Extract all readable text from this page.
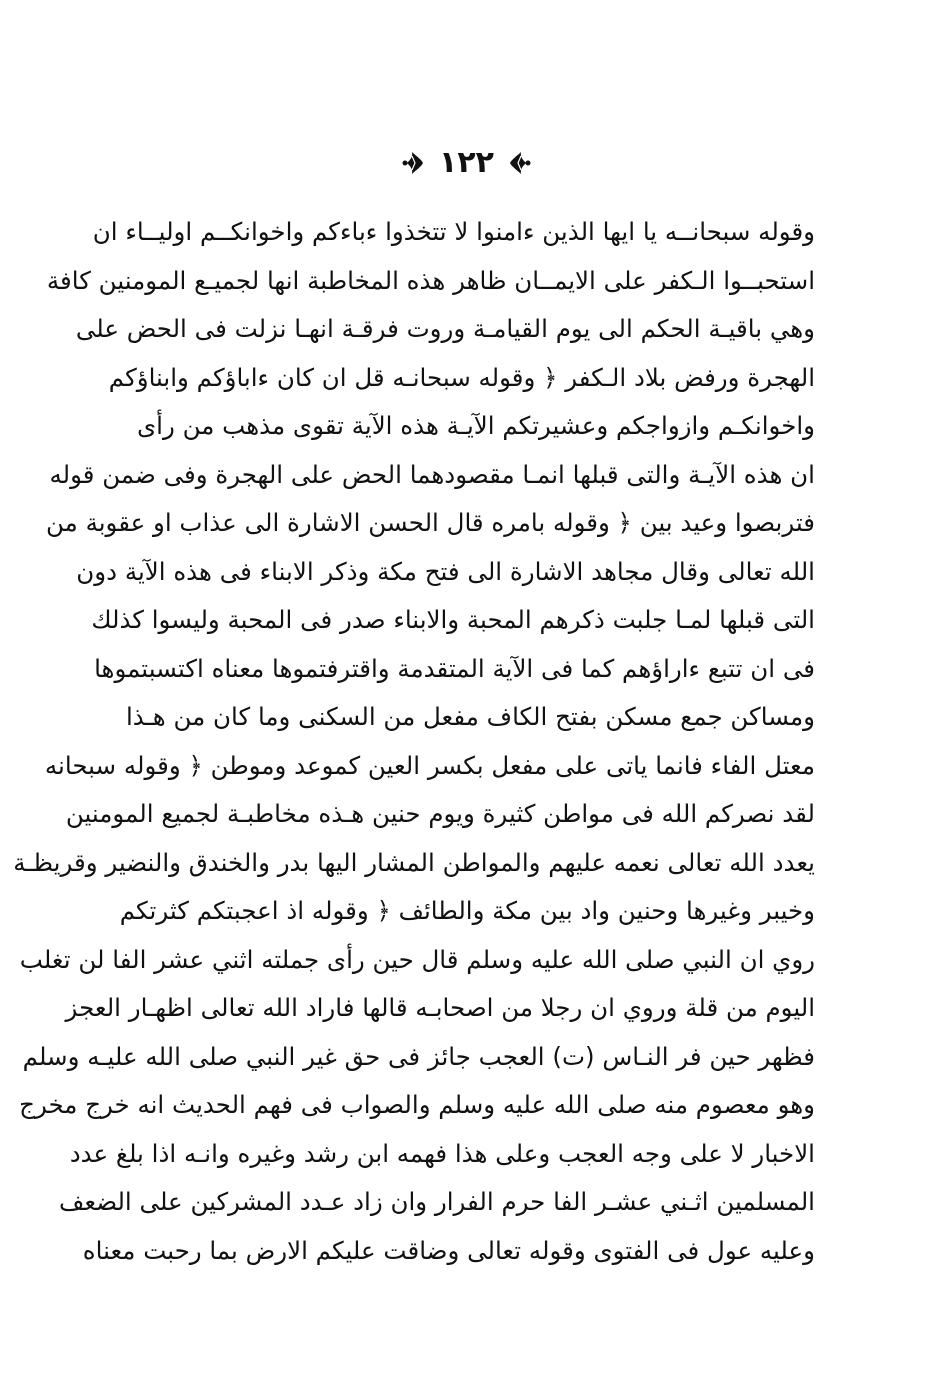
١٢٢
وقوله سبحانــه يا ايها الذين ءامنوا لا تتخذوا ءباءكم واخوانكــم اوليــاء ان
استحبــوا الـكفر على الايمــان ظاهر هذه المخاطبة انها لجميـع المومنين كافة
وهي باقيـة الحكم الى يوم القيامـة وروت فرقـة انهـا نزلت فى الحض على
الهجرة ورفض بلاد الـكفر ﴿ وقوله سبحانـه قل ان كان ءاباؤكم وابناؤكم
واخوانكـم وازواجكم وعشيرتكم الآيـة هذه الآية تقوى مذهب من رأى
ان هذه الآيـة والتى قبلها انمـا مقصودهما الحض على الهجرة وفى ضمن قوله
فتربصوا وعيد بين ﴿ وقوله بامره قال الحسن الاشارة الى عذاب او عقوبة من
الله تعالى وقال مجاهد الاشارة الى فتح مكة وذكر الابناء فى هذه الآية دون
التى قبلها لمـا جلبت ذكرهم المحبة والابناء صدر فى المحبة وليسوا كذلك
فى ان تتبع ءاراؤهم كما فى الآية المتقدمة واقترفتموها معناه اكتسبتموها
ومساكن جمع مسكن بفتح الكاف مفعل من السكنى وما كان من هـذا
معتل الفاء فانما ياتى على مفعل بكسر العين كموعد وموطن ﴿ وقوله سبحانه
لقد نصركم الله فى مواطن كثيرة ويوم حنين هـذه مخاطبـة لجميع المومنين
يعدد الله تعالى نعمه عليهم والمواطن المشار اليها بدر والخندق والنضير وقريظـة
وخيبر وغيرها وحنين واد بين مكة والطائف ﴿ وقوله اذ اعجبتكم كثرتكم
روي ان النبي صلى الله عليه وسلم قال حين رأى جملته اثني عشر الفا لن تغلب
اليوم من قلة وروي ان رجلا من اصحابـه قالها فاراد الله تعالى اظهـار العجز
فظهر حين فر النـاس (ت) العجب جائز فى حق غير النبي صلى الله عليـه وسلم
وهو معصوم منه صلى الله عليه وسلم والصواب فى فهم الحديث انه خرج مخرج
الاخبار لا على وجه العجب وعلى هذا فهمه ابن رشد وغيره وانـه اذا بلغ عدد
المسلمين اثـني عشـر الفا حرم الفرار وان زاد عـدد المشركين على الضعف
وعليه عول فى الفتوى وقوله تعالى وضاقت عليكم الارض بما رحبت معناه
